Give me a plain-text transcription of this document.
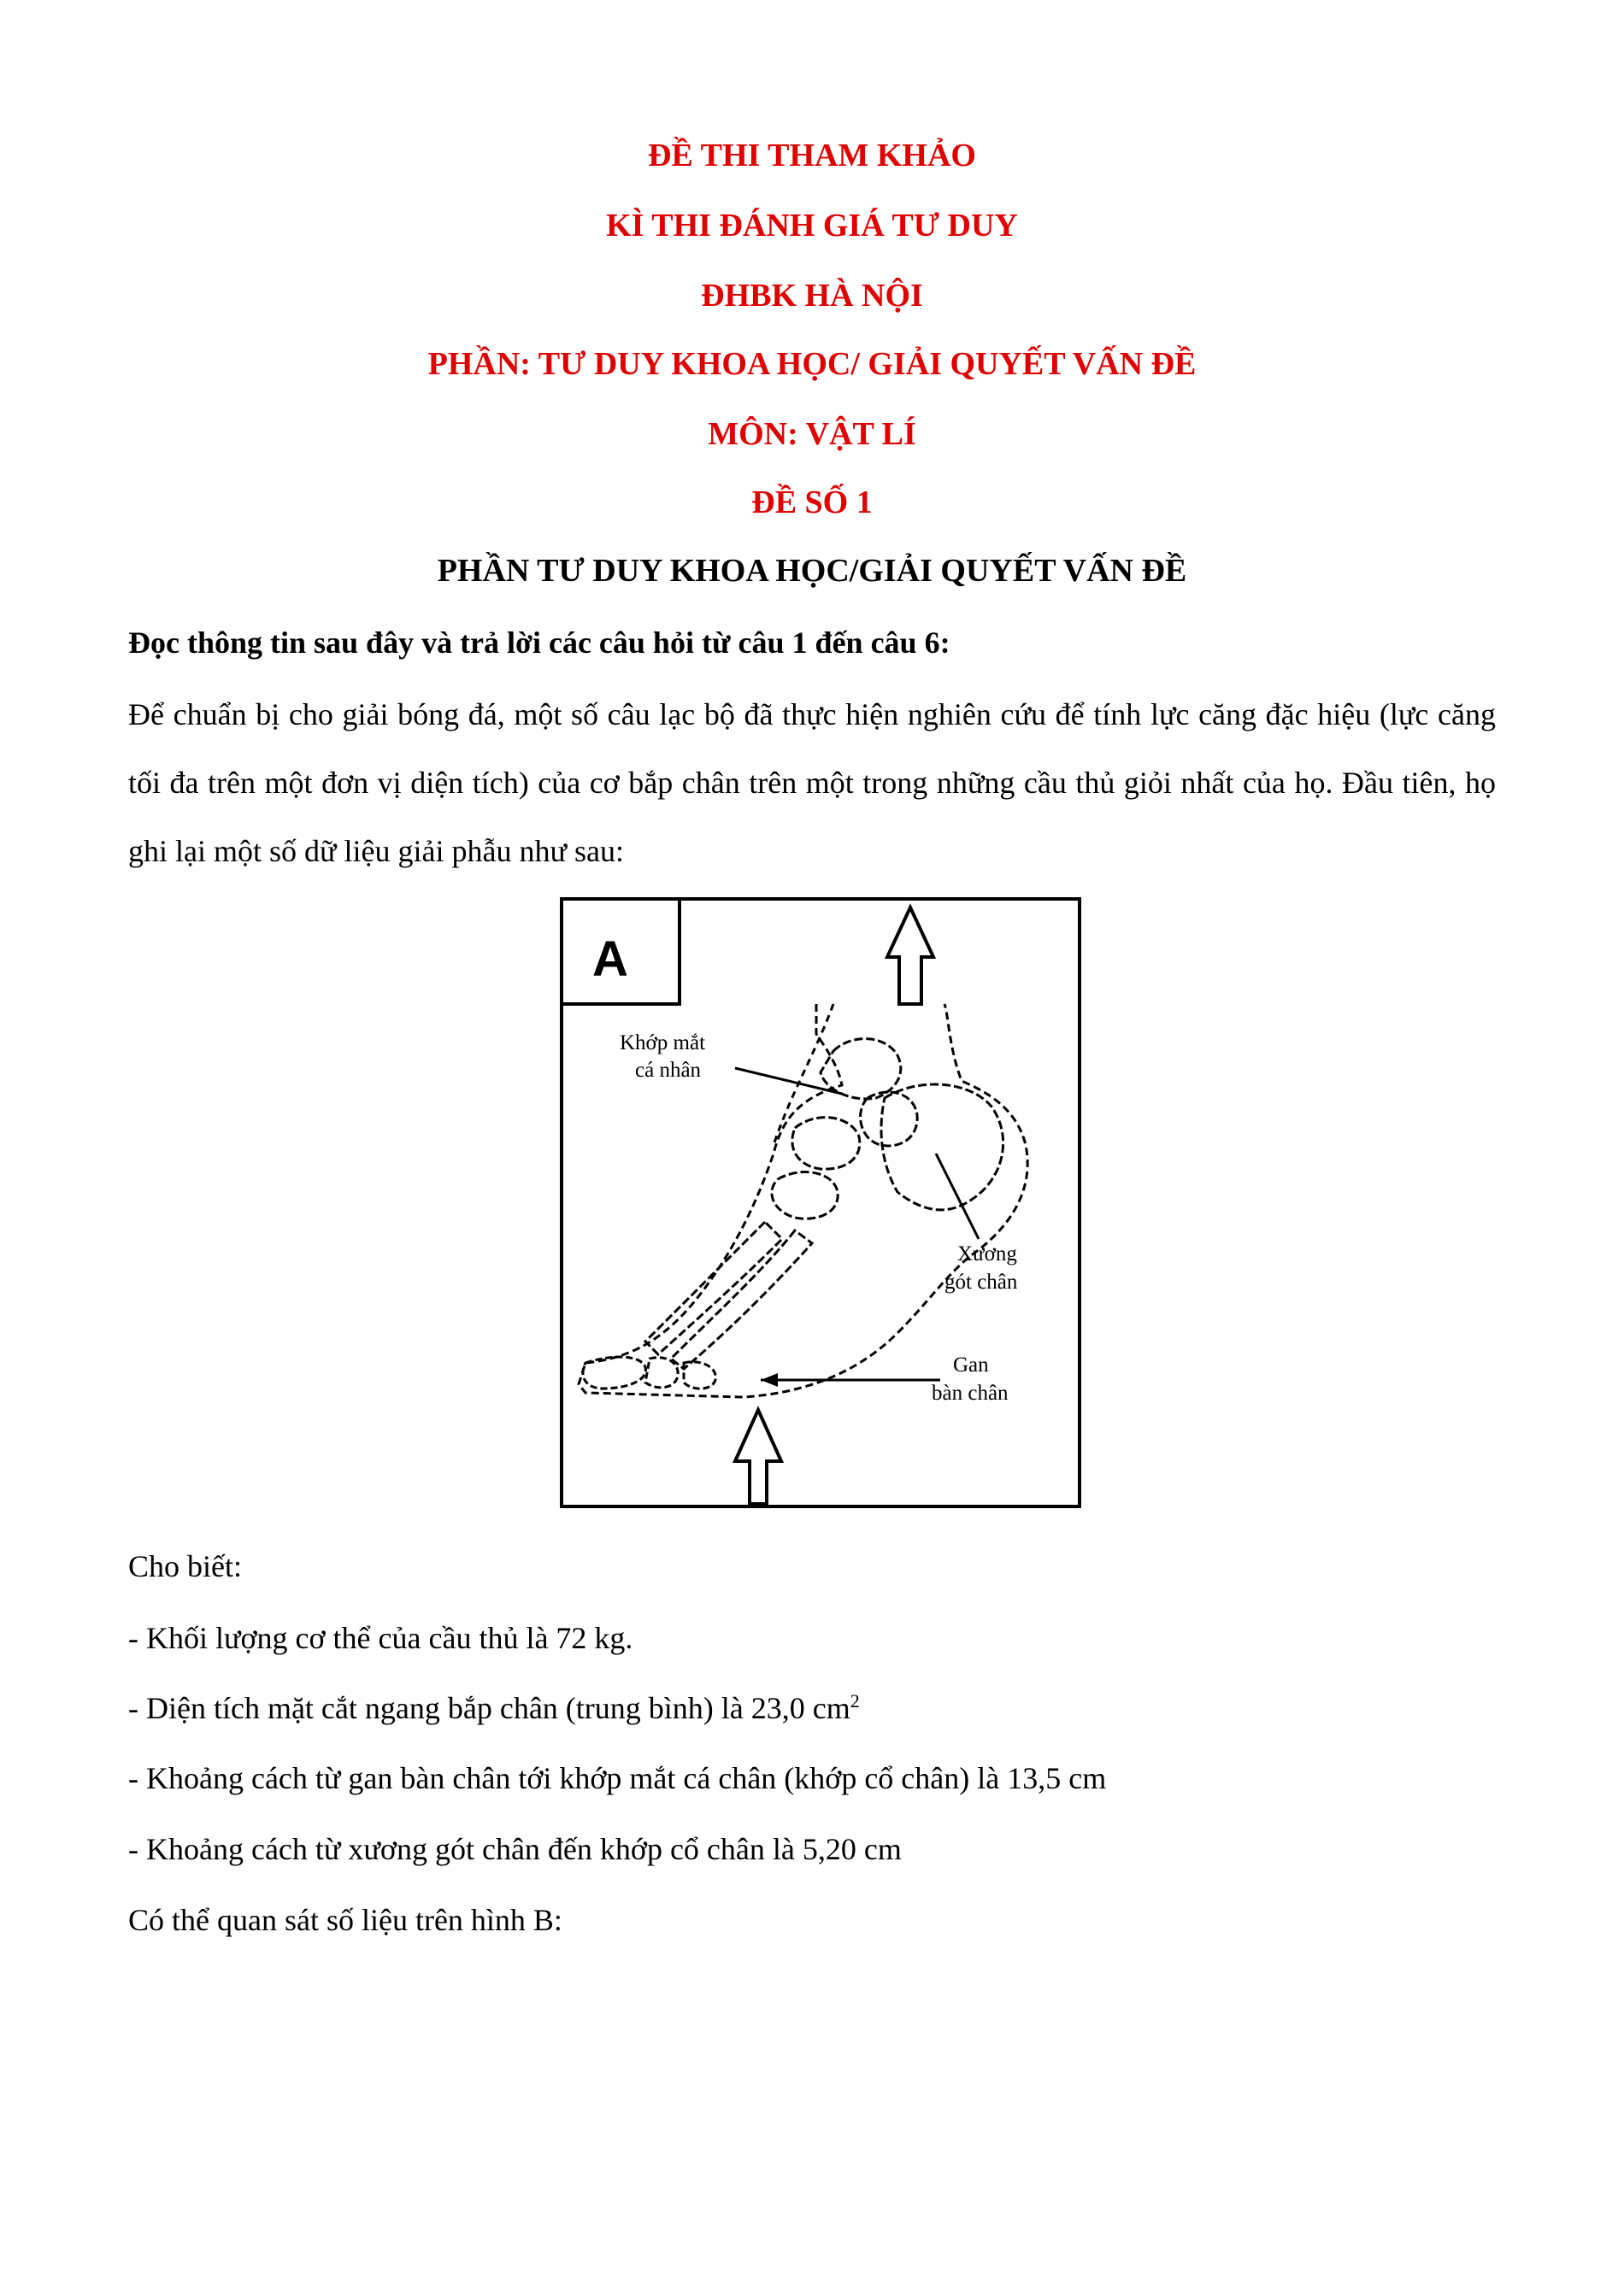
ĐỀ THI THAM KHẢO
KÌ THI ĐÁNH GIÁ TƯ DUY
ĐHBK HÀ NỘI
PHẦN: TƯ DUY KHOA HỌC/ GIẢI QUYẾT VẤN ĐỀ
MÔN: VẬT LÍ
ĐỀ SỐ 1
PHẦN TƯ DUY KHOA HỌC/GIẢI QUYẾT VẤN ĐỀ
Đọc thông tin sau đây và trả lời các câu hỏi từ câu 1 đến câu 6:
Để chuẩn bị cho giải bóng đá, một số câu lạc bộ đã thực hiện nghiên cứu để tính lực căng đặc hiệu (lực căng tối đa trên một đơn vị diện tích) của cơ bắp chân trên một trong những cầu thủ giỏi nhất của họ. Đầu tiên, họ ghi lại một số dữ liệu giải phẫu như sau:
A
Khớp mắt
cá nhân
Xương
gót chân
Gan
bàn chân
Cho biết:
- Khối lượng cơ thể của cầu thủ là 72 kg.
- Diện tích mặt cắt ngang bắp chân (trung bình) là 23,0 $cm^2$
- Khoảng cách từ gan bàn chân tới khớp mắt cá chân (khớp cổ chân) là 13,5 cm
- Khoảng cách từ xương gót chân đến khớp cổ chân là 5,20 cm
Có thể quan sát số liệu trên hình B:
